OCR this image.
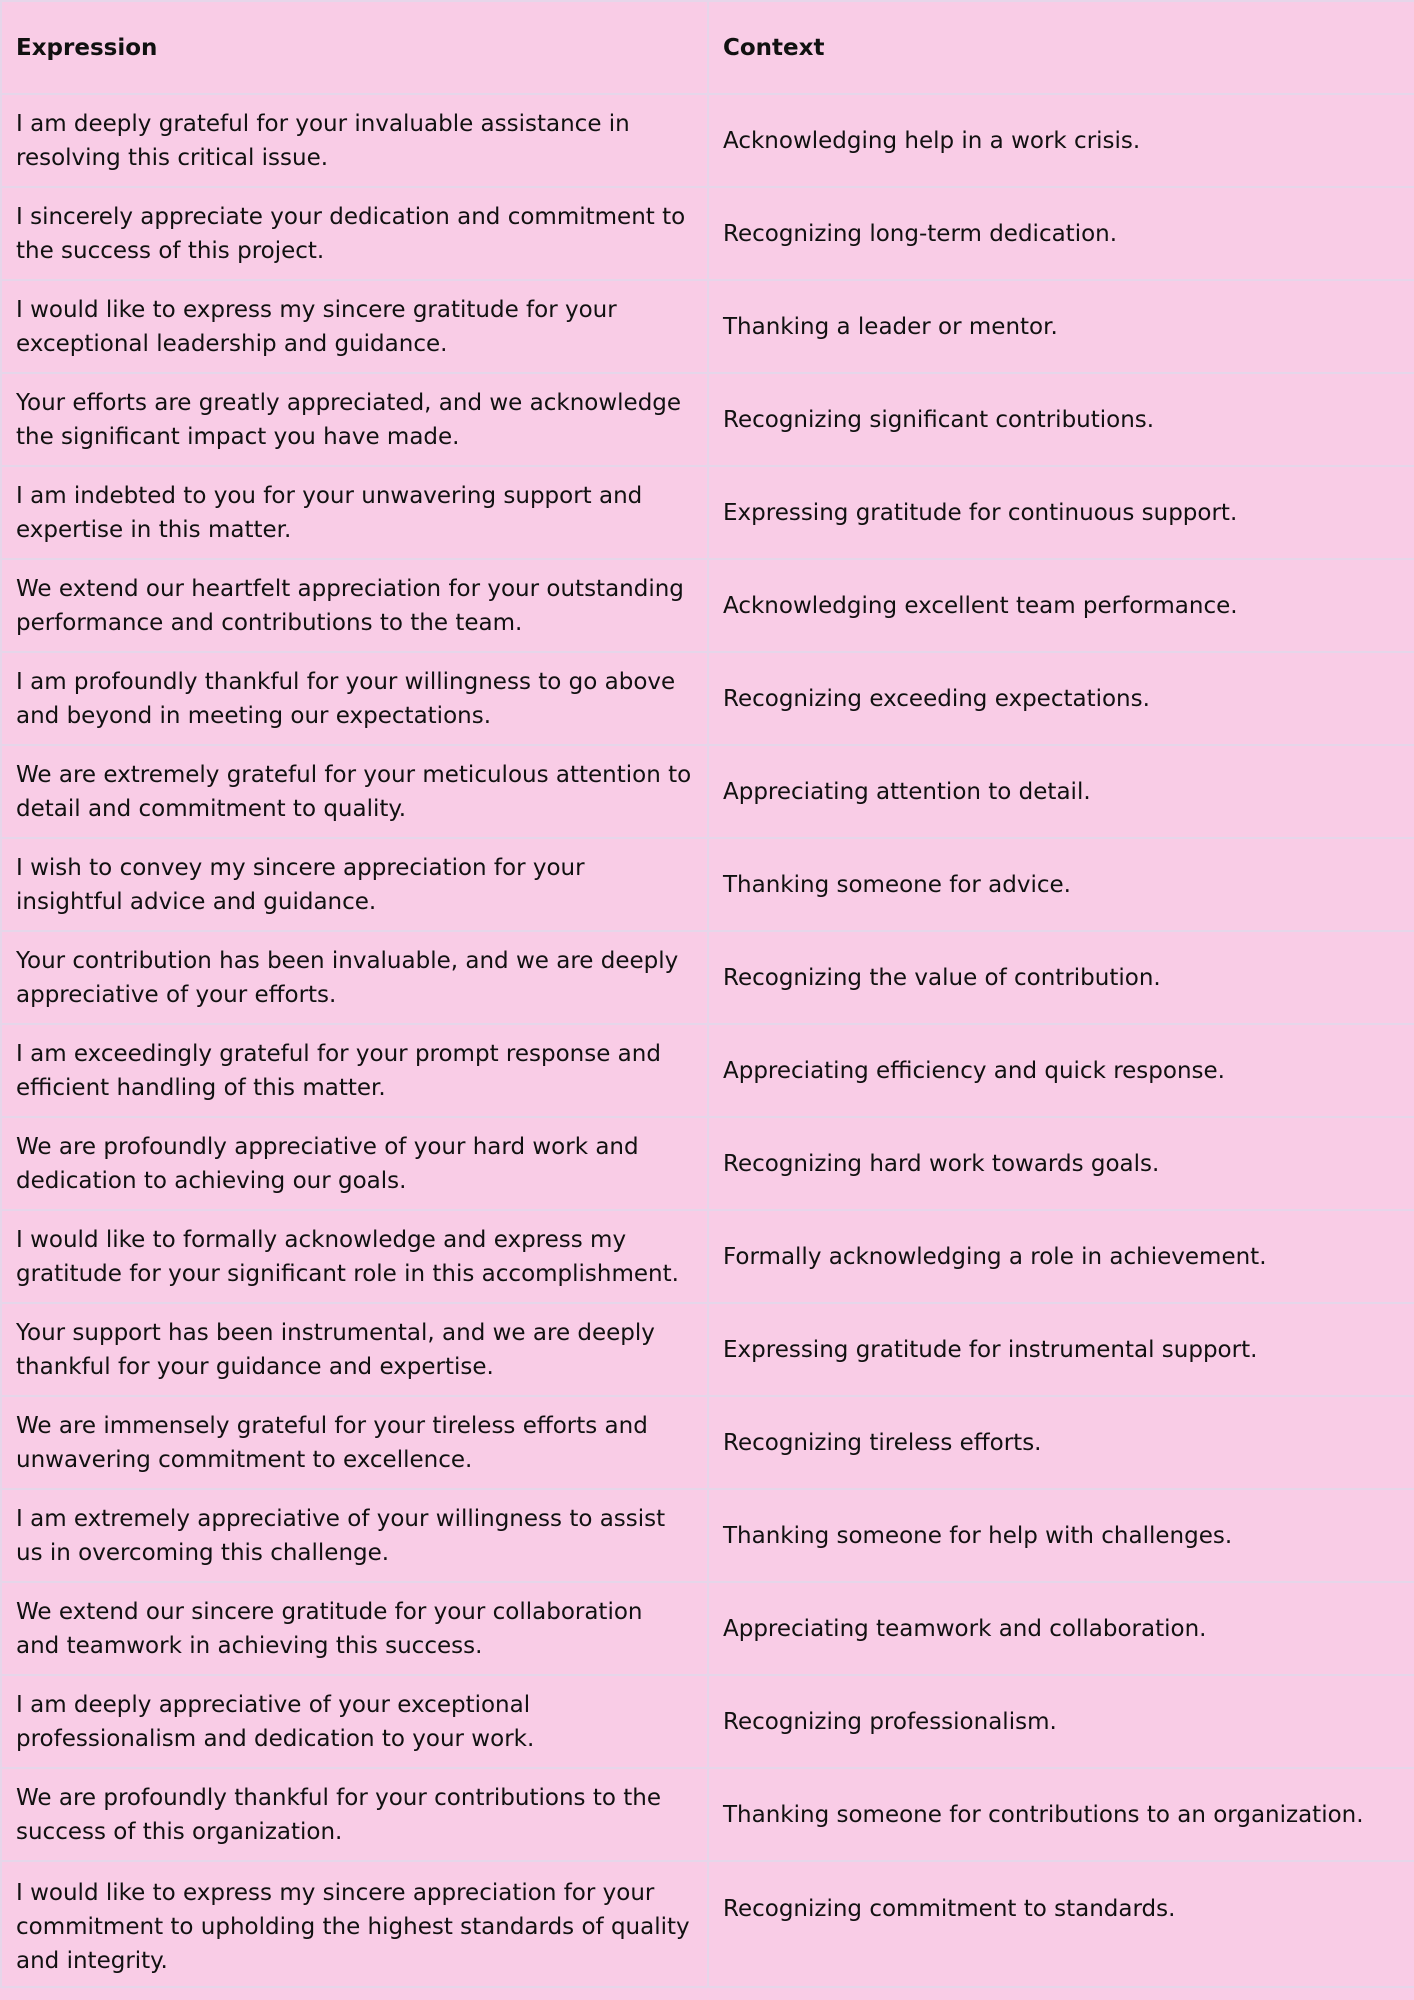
Expression	Context
I am deeply grateful for your invaluable assistance in resolving this critical issue.	Acknowledging help in a work crisis.
I sincerely appreciate your dedication and commitment to the success of this project.	Recognizing long-term dedication.
I would like to express my sincere gratitude for your exceptional leadership and guidance.	Thanking a leader or mentor.
Your efforts are greatly appreciated, and we acknowledge the significant impact you have made.	Recognizing significant contributions.
I am indebted to you for your unwavering support and expertise in this matter.	Expressing gratitude for continuous support.
We extend our heartfelt appreciation for your outstanding performance and contributions to the team.	Acknowledging excellent team performance.
I am profoundly thankful for your willingness to go above and beyond in meeting our expectations.	Recognizing exceeding expectations.
We are extremely grateful for your meticulous attention to detail and commitment to quality.	Appreciating attention to detail.
I wish to convey my sincere appreciation for your insightful advice and guidance.	Thanking someone for advice.
Your contribution has been invaluable, and we are deeply appreciative of your efforts.	Recognizing the value of contribution.
I am exceedingly grateful for your prompt response and efficient handling of this matter.	Appreciating efficiency and quick response.
We are profoundly appreciative of your hard work and dedication to achieving our goals.	Recognizing hard work towards goals.
I would like to formally acknowledge and express my gratitude for your significant role in this accomplishment.	Formally acknowledging a role in achievement.
Your support has been instrumental, and we are deeply thankful for your guidance and expertise.	Expressing gratitude for instrumental support.
We are immensely grateful for your tireless efforts and unwavering commitment to excellence.	Recognizing tireless efforts.
I am extremely appreciative of your willingness to assist us in overcoming this challenge.	Thanking someone for help with challenges.
We extend our sincere gratitude for your collaboration and teamwork in achieving this success.	Appreciating teamwork and collaboration.
I am deeply appreciative of your exceptional professionalism and dedication to your work.	Recognizing professionalism.
We are profoundly thankful for your contributions to the success of this organization.	Thanking someone for contributions to an organization.
I would like to express my sincere appreciation for your commitment to upholding the highest standards of quality and integrity.	Recognizing commitment to standards.
